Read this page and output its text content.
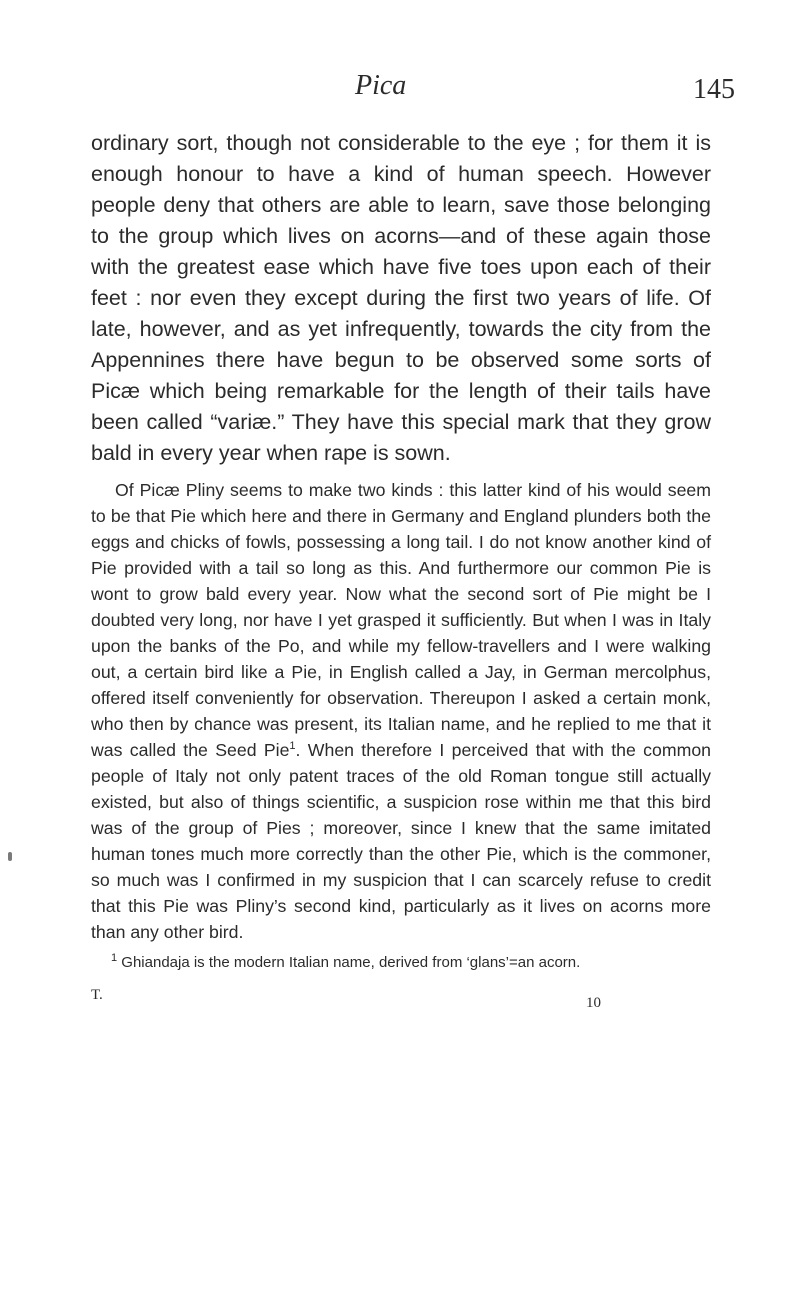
Pica	145

ordinary sort, though not considerable to the eye ; for them it is enough honour to have a kind of human speech. However people deny that others are able to learn, save those belonging to the group which lives on acorns—and of these again those with the greatest ease which have five toes upon each of their feet : nor even they except during the first two years of life. Of late, however, and as yet infrequently, towards the city from the Appennines there have begun to be observed some sorts of Picæ which being remarkable for the length of their tails have been called “variæ.” They have this special mark that they grow bald in every year when rape is sown.

Of Picæ Pliny seems to make two kinds : this latter kind of his would seem to be that Pie which here and there in Germany and England plunders both the eggs and chicks of fowls, possessing a long tail. I do not know another kind of Pie provided with a tail so long as this. And furthermore our common Pie is wont to grow bald every year. Now what the second sort of Pie might be I doubted very long, nor have I yet grasped it sufficiently. But when I was in Italy upon the banks of the Po, and while my fellow-travellers and I were walking out, a certain bird like a Pie, in English called a Jay, in German mercolphus, offered itself conveniently for observation. Thereupon I asked a certain monk, who then by chance was present, its Italian name, and he replied to me that it was called the Seed Pie$^1$. When therefore I perceived that with the common people of Italy not only patent traces of the old Roman tongue still actually existed, but also of things scientific, a suspicion rose within me that this bird was of the group of Pies ; moreover, since I knew that the same imitated human tones much more correctly than the other Pie, which is the commoner, so much was I confirmed in my suspicion that I can scarcely refuse to credit that this Pie was Pliny’s second kind, particularly as it lives on acorns more than any other bird.

$^1$ Ghiandaja is the modern Italian name, derived from ‘glans’=an acorn.

T.	10
